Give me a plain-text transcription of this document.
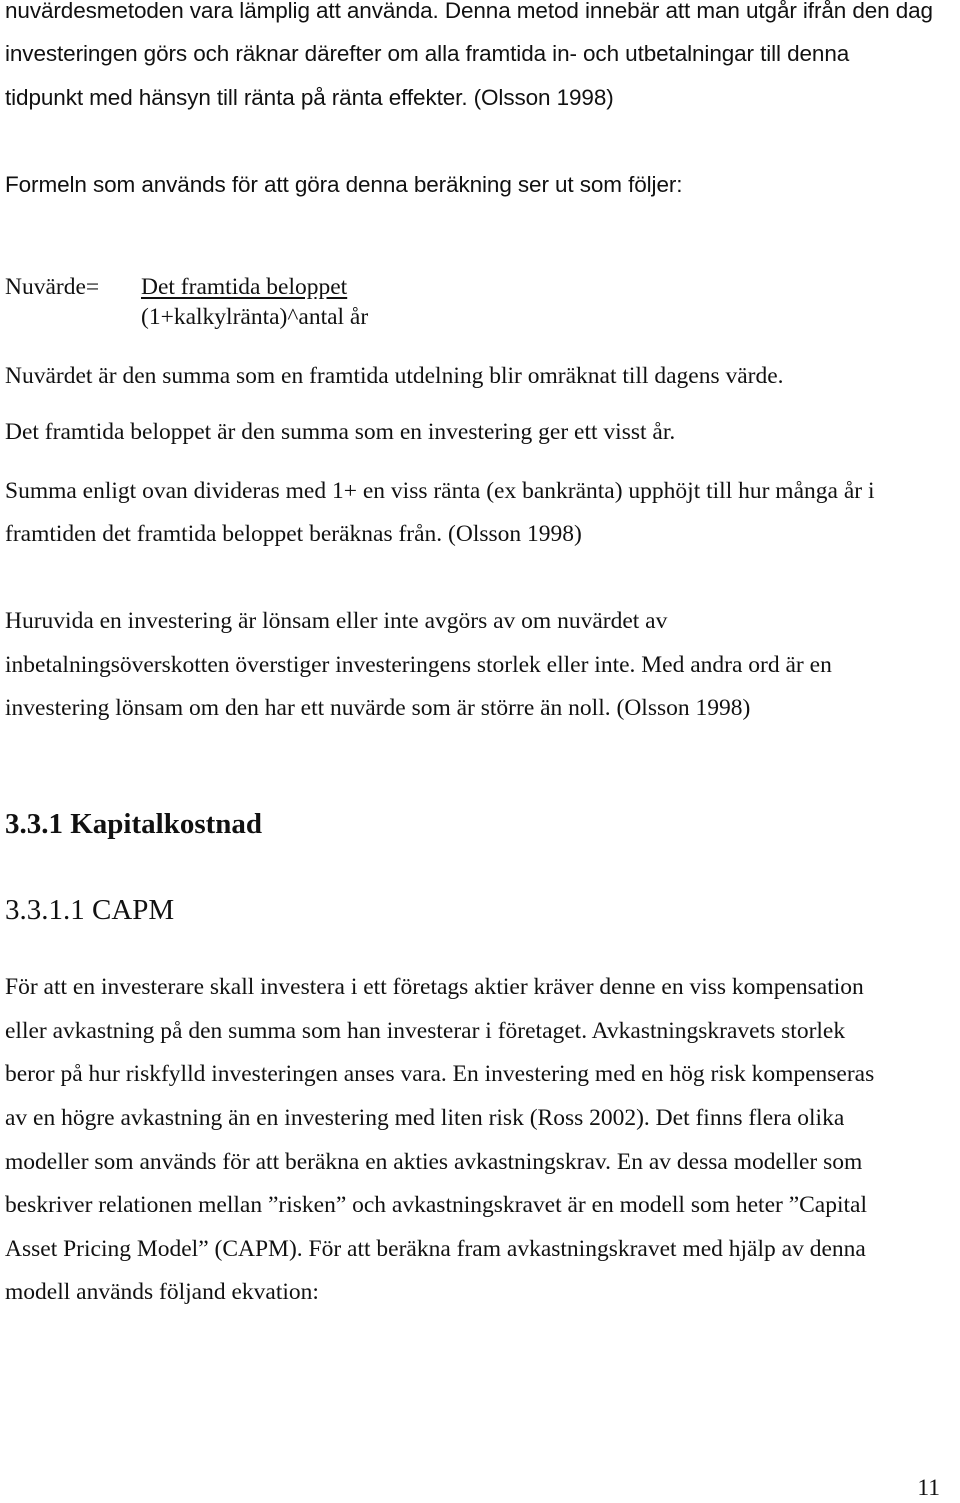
nuvärdesmetoden vara lämplig att använda. Denna metod innebär att man utgår ifrån den dag
investeringen görs och räknar därefter om alla framtida in- och utbetalningar till denna
tidpunkt med hänsyn till ränta på ränta effekter. (Olsson 1998)
Formeln som används för att göra denna beräkning ser ut som följer:
Nuvärde= Det framtida beloppet
(1+kalkylränta)^antal år
Nuvärdet är den summa som en framtida utdelning blir omräknat till dagens värde.
Det framtida beloppet är den summa som en investering ger ett visst år.
Summa enligt ovan divideras med 1+ en viss ränta (ex bankränta) upphöjt till hur många år i
framtiden det framtida beloppet beräknas från. (Olsson 1998)
Huruvida en investering är lönsam eller inte avgörs av om nuvärdet av
inbetalningsöverskotten överstiger investeringens storlek eller inte. Med andra ord är en
investering lönsam om den har ett nuvärde som är större än noll. (Olsson 1998)
3.3.1 Kapitalkostnad
3.3.1.1 CAPM
För att en investerare skall investera i ett företags aktier kräver denne en viss kompensation
eller avkastning på den summa som han investerar i företaget. Avkastningskravets storlek
beror på hur riskfylld investeringen anses vara. En investering med en hög risk kompenseras
av en högre avkastning än en investering med liten risk (Ross 2002). Det finns flera olika
modeller som används för att beräkna en akties avkastningskrav. En av dessa modeller som
beskriver relationen mellan ”risken” och avkastningskravet är en modell som heter ”Capital
Asset Pricing Model” (CAPM). För att beräkna fram avkastningskravet med hjälp av denna
modell används följand ekvation:
11
